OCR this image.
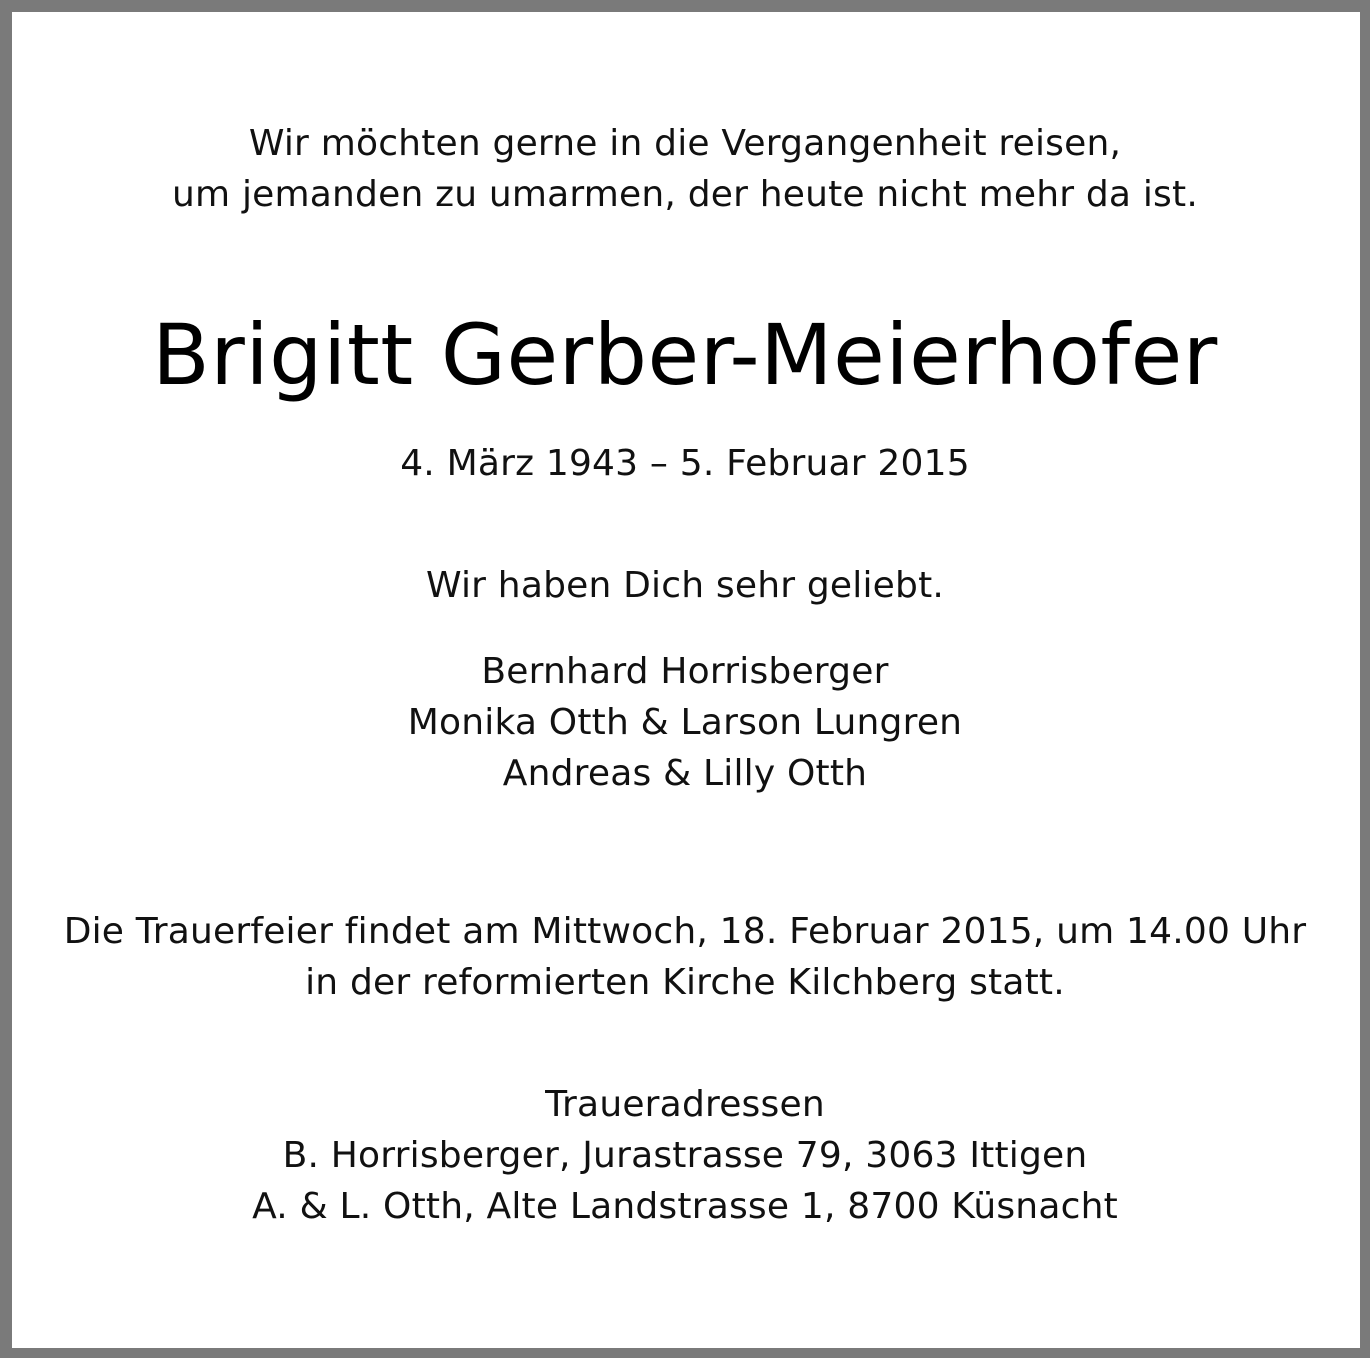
Wir möchten gerne in die Vergangenheit reisen,
um jemanden zu umarmen, der heute nicht mehr da ist.
Brigitt Gerber-Meierhofer
4. März 1943 – 5. Februar 2015
Wir haben Dich sehr geliebt.
Bernhard Horrisberger
Monika Otth & Larson Lungren
Andreas & Lilly Otth
Die Trauerfeier findet am Mittwoch, 18. Februar 2015, um 14.00 Uhr
in der reformierten Kirche Kilchberg statt.
Traueradressen
B. Horrisberger, Jurastrasse 79, 3063 Ittigen
A. & L. Otth, Alte Landstrasse 1, 8700 Küsnacht
